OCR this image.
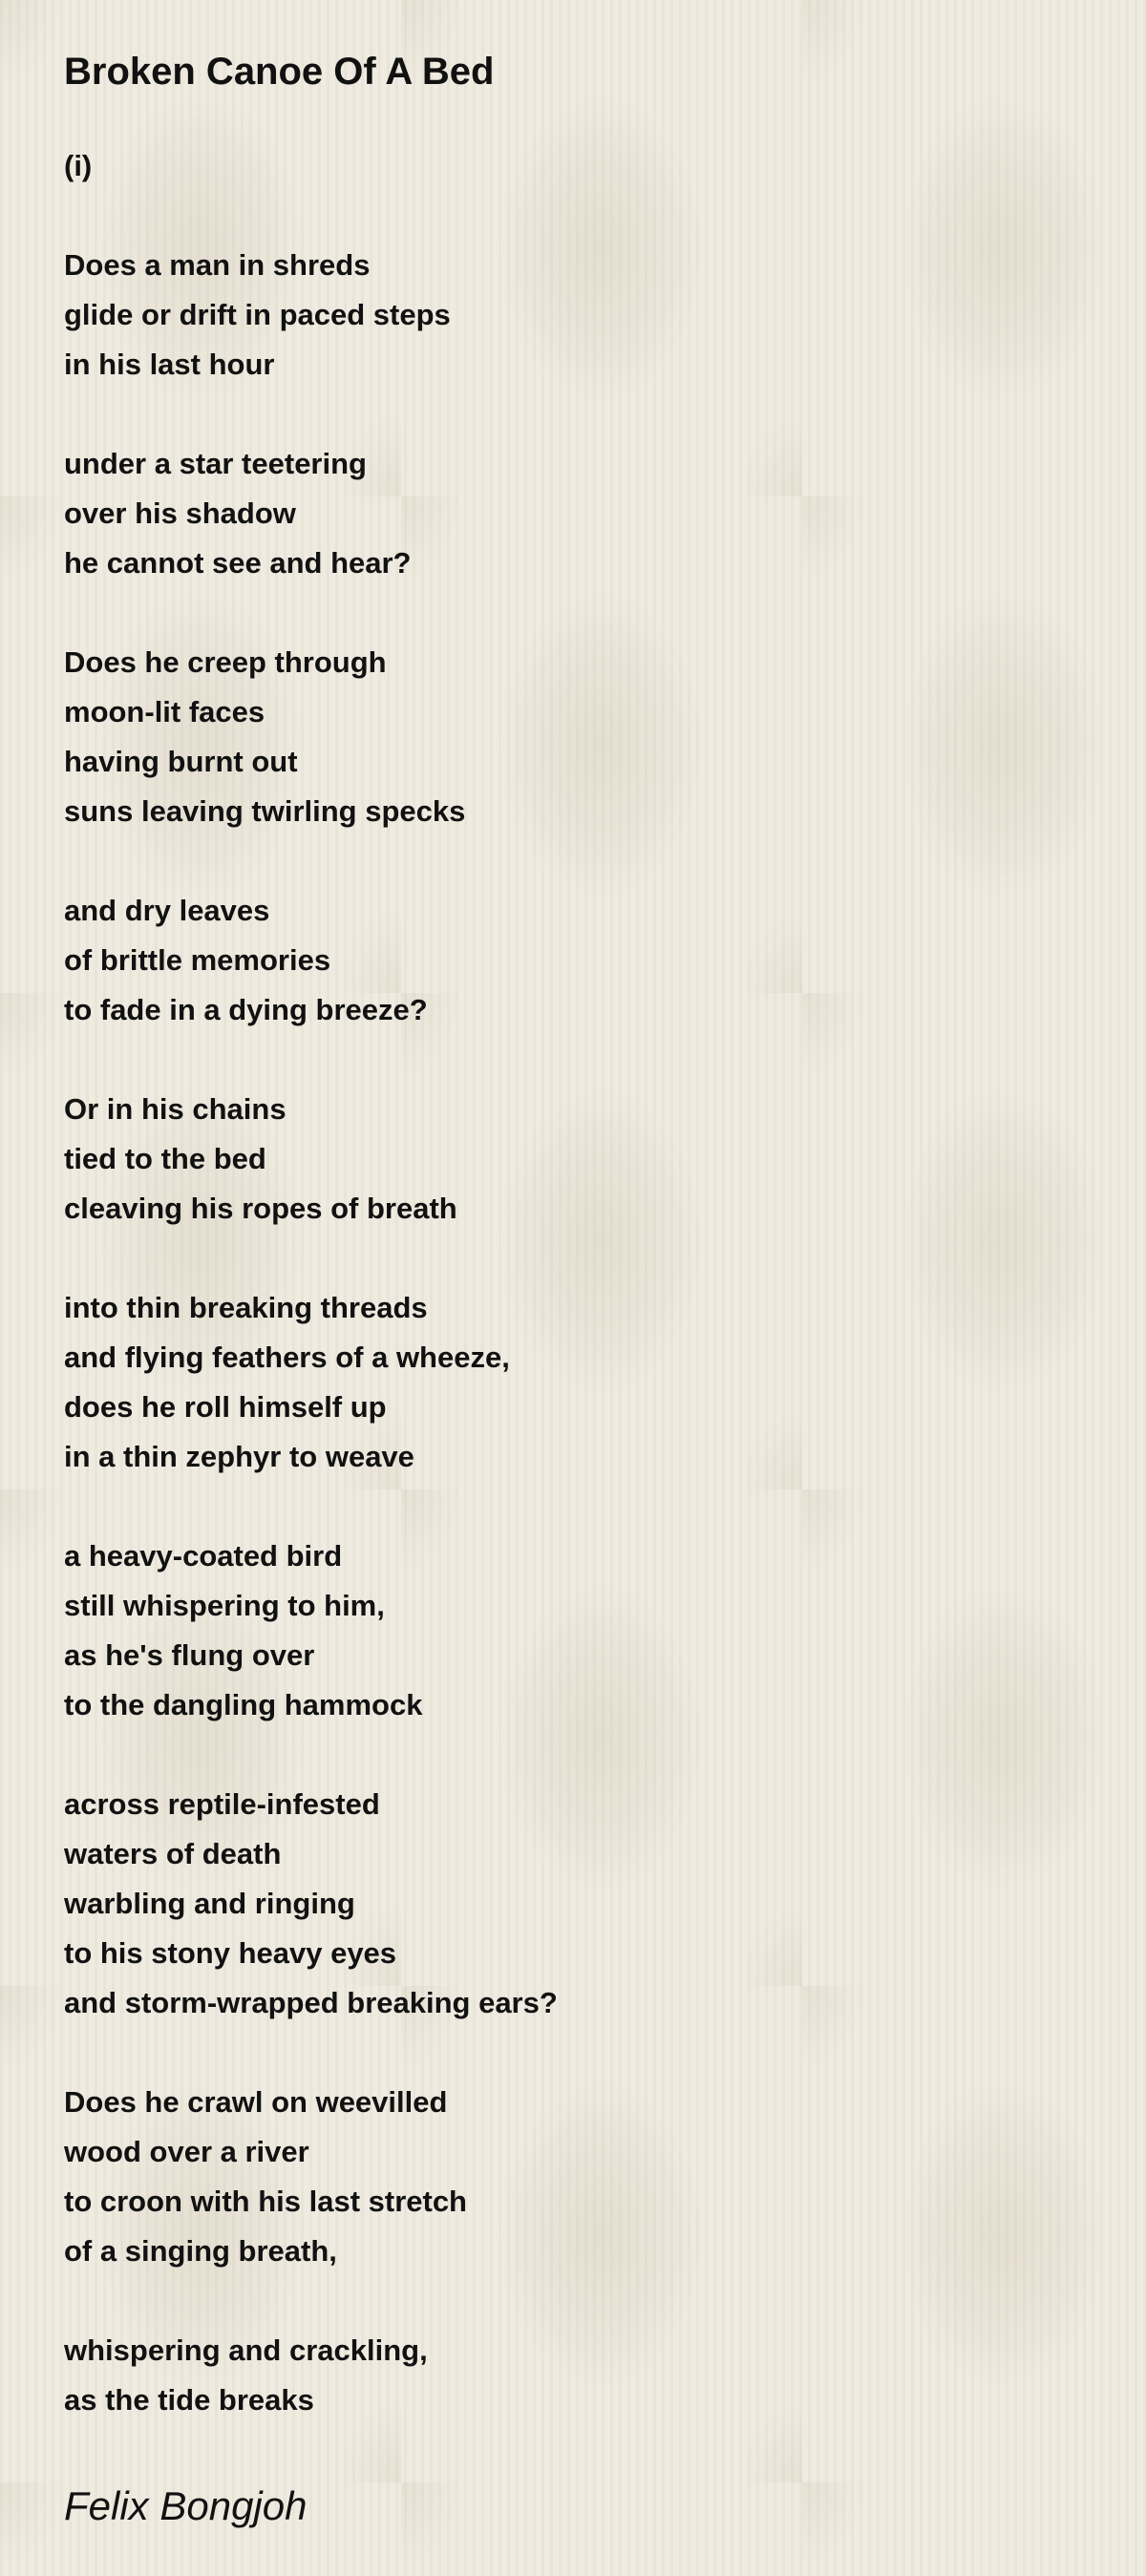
Broken Canoe Of A Bed
(i)
Does a man in shreds
glide or drift in paced steps
in his last hour
under a star teetering
over his shadow
he cannot see and hear?
Does he creep through
moon-lit faces
having burnt out
suns leaving twirling specks
and dry leaves
of brittle memories
to fade in a dying breeze?
Or in his chains
tied to the bed
cleaving his ropes of breath
into thin breaking threads
and flying feathers of a wheeze,
does he roll himself up
in a thin zephyr to weave
a heavy-coated bird
still whispering to him,
as he's flung over
to the dangling hammock
across reptile-infested
waters of death
warbling and ringing
to his stony heavy eyes
and storm-wrapped breaking ears?
Does he crawl on weevilled
wood over a river
to croon with his last stretch
of a singing breath,
whispering and crackling,
as the tide breaks
Felix Bongjoh
